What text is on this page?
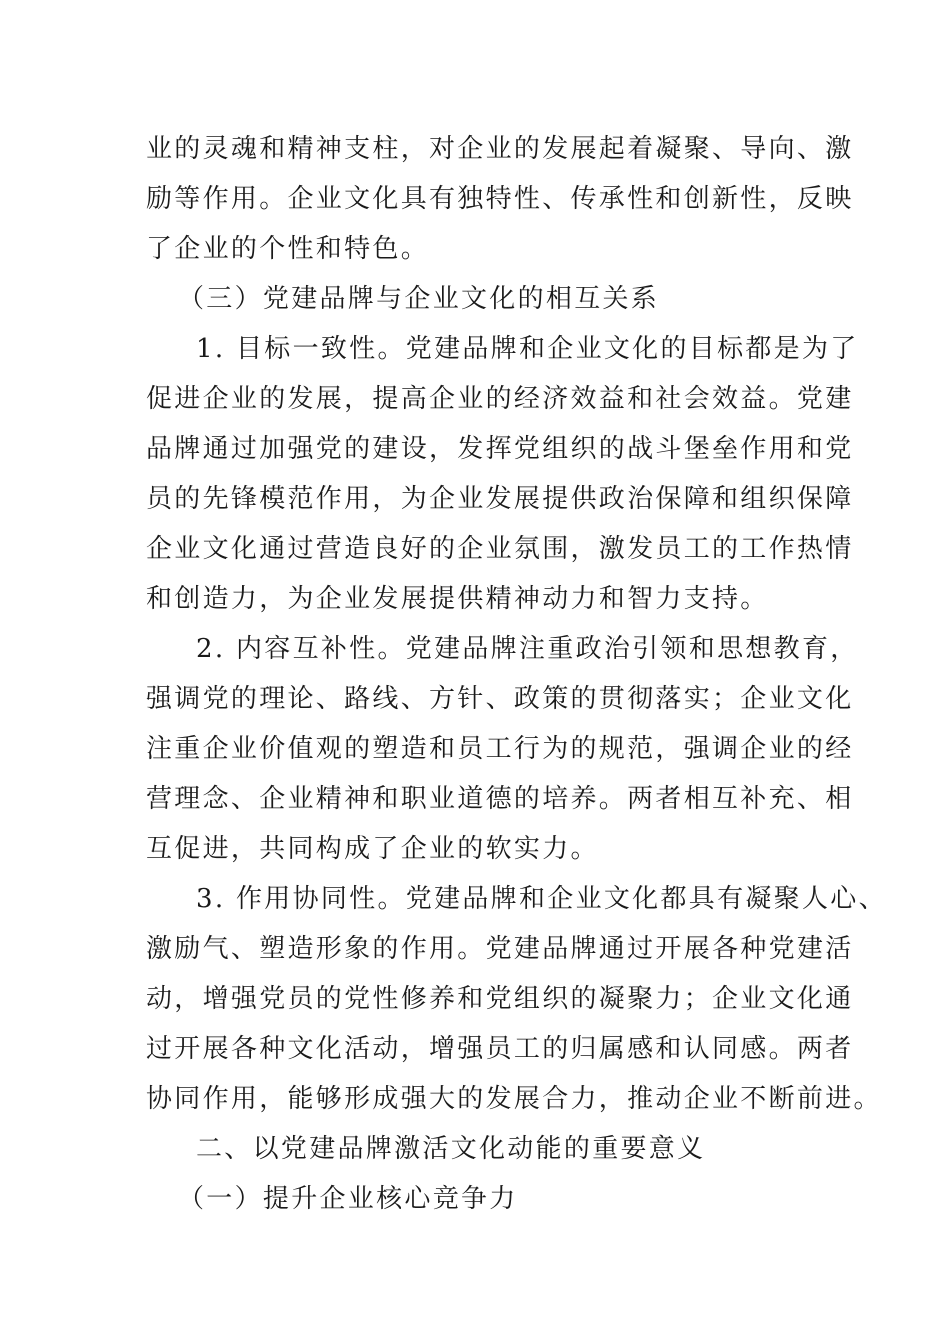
业的灵魂和精神支柱，对企业的发展起着凝聚、导向、激
励等作用。企业文化具有独特性、传承性和创新性，反映
了企业的个性和特色。
（三）党建品牌与企业文化的相互关系
1. 目标一致性。党建品牌和企业文化的目标都是为了
促进企业的发展，提高企业的经济效益和社会效益。党建
品牌通过加强党的建设，发挥党组织的战斗堡垒作用和党
员的先锋模范作用，为企业发展提供政治保障和组织保障
企业文化通过营造良好的企业氛围，激发员工的工作热情
和创造力，为企业发展提供精神动力和智力支持。
2. 内容互补性。党建品牌注重政治引领和思想教育，
强调党的理论、路线、方针、政策的贯彻落实；企业文化
注重企业价值观的塑造和员工行为的规范，强调企业的经
营理念、企业精神和职业道德的培养。两者相互补充、相
互促进，共同构成了企业的软实力。
3. 作用协同性。党建品牌和企业文化都具有凝聚人心、
激励气、塑造形象的作用。党建品牌通过开展各种党建活
动，增强党员的党性修养和党组织的凝聚力；企业文化通
过开展各种文化活动，增强员工的归属感和认同感。两者
协同作用，能够形成强大的发展合力，推动企业不断前进。
二、以党建品牌激活文化动能的重要意义
（一）提升企业核心竞争力
